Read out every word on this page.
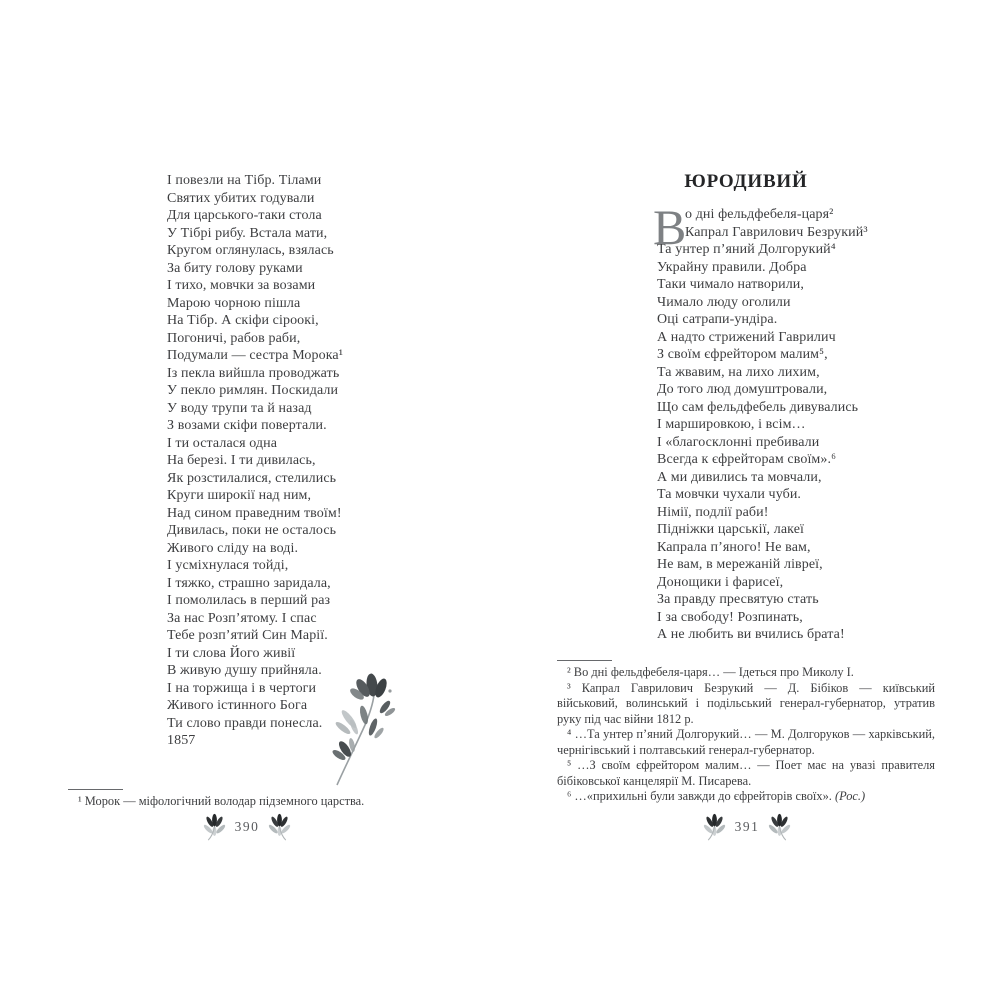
І повезли на Тібр. Тілами
Святих убитих годували
Для царського-таки стола
У Тібрі рибу. Встала мати,
Кругом оглянулась, взялась
За биту голову руками
І тихо, мовчки за возами
Марою чорною пішла
На Тібр. А скіфи сіроокі,
Погоничі, рабов раби,
Подумали — сестра Морока¹
Із пекла вийшла проводжать
У пекло римлян. Поскидали
У воду трупи та й назад
З возами скіфи повертали.
І ти осталася одна
На березі. І ти дивилась,
Як розстилалися, стелились
Круги широкії над ним,
Над сином праведним твоїм!
Дивилась, поки не осталось
Живого сліду на воді.
І усміхнулася тойді,
І тяжко, страшно заридала,
І помолилась в перший раз
За нас Розп’ятому. І спас
Тебе розп’ятий Син Марії.
І ти слова Його живії
В живую душу прийняла.
І на торжища і в чертоги
Живого істинного Бога
Ти слово правди понесла.
1857

¹ Морок — міфологічний володар підземного царства.

390
ЮРОДИВИЙ
В
о дні фельдфебеля-царя²
Капрал Гаврилович Безрукий³
Та унтер п’яний Долгорукий⁴
Украйну правили. Добра
Таки чимало натворили,
Чимало люду оголили
Оці сатрапи-ундіра.
А надто стрижений Гаврилич
З своїм єфрейтором малим⁵,
Та жвавим, на лихо лихим,
До того люд домуштровали,
Що сам фельдфебель дивувались
І маршировкою, і всім…
І «благосклонні пребивали
Всегда к єфрейторам своїм».⁶
А ми дивились та мовчали,
Та мовчки чухали чуби.
Німії, подлії раби!
Підніжки царськії, лакеї
Капрала п’яного! Не вам,
Не вам, в мережаній лівреї,
Донощики і фарисеї,
За правду пресвятую стать
І за свободу! Розпинать,
А не любить ви вчились брата!

² Во дні фельдфебеля-царя… — Ідеться про Миколу І.

³ Капрал Гаврилович Безрукий — Д. Бібіков — київський військовий, волинський і подільський генерал-губернатор, утратив руку під час війни 1812 р.

⁴ …Та унтер п’яний Долгорукий… — М. Долгоруков — харківський, чернігівський і полтавський генерал-губернатор.

⁵ …З своїм єфрейтором малим… — Поет має на увазі правителя бібіковської канцелярії М. Писарева.

⁶ …«прихильні були завжди до єфрейторів своїх». (Рос.)

391
